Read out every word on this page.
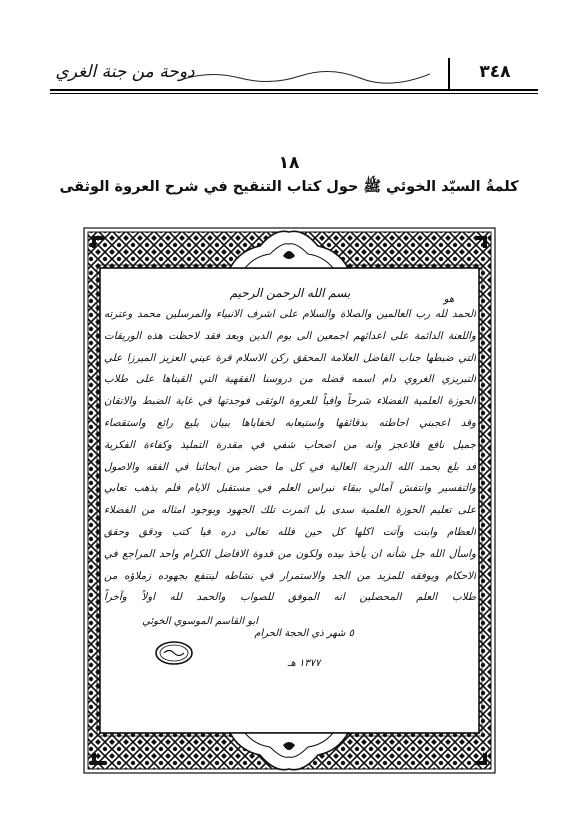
دوحة من جنة الغري	٣٤٨
١٨
كلمةُ السيّد الخوئي ﷺ حول كتاب التنقيح في شرح العروة الوثقى
بسم الله الرحمن الرحيم	هو
الحمد لله رب العالمين والصلاة والسلام على اشرف الانبياء والمرسلين محمد وعترته
واللعنة الدائمة على اعدائهم اجمعين الى يوم الدين وبعد فقد لاحظت هذه الوريقات
التي ضبطها جناب الفاضل العلامة المحقق ركن الاسلام قرة عيني العزيز الميرزا علي
التبريزي الغروي دام اسمه فضله من دروسنا الفقهية التي القيناها على طلاب
الحوزة العلمية الفضلاء شرحاً وافياً للعروة الوثقى فوجدتها في غاية الضبط والاتقان
وقد اعجبني احاطته بدقائقها واستيعابه لخفاياها ببيان بليغ رائع واستقصاء
جميل نافع فلاعجز وانه من اصحاب شفي في مقدرة التمليذ وكفاءة الفكرية
فد بلغ بحمد الله الدرجة العالية في كل ما حضر من ابحاثنا في الفقه والاصول
والتفسير وانتفش آمالي ببقاء نبراس العلم في مستقبل الايام فلم يذهب تعابي
على تعليم الحوزة العلمية سدى بل اثمرت تلك الجهود وبوجود امثاله من الفضلاء
العظام وابنت وآتت اكلها كل حين فلله تعالى دره فيا كتب ودقق وحقق
واسأل الله جل شأنه ان يأخذ بيده ولكون من قدوة الافاضل الكرام واحد المراجع في
الاحكام ويوفقه للمزيد من الجد والاستمرار في نشاطه لينتفع بجهوده زملاؤه من
طلاب العلم المحصلين انه الموفق للصواب والحمد لله اولاً وآخراً
ابو القاسم الموسوي الخوئي
٥ شهر ذي الحجة الحرام
١٣٧٧ هـ
